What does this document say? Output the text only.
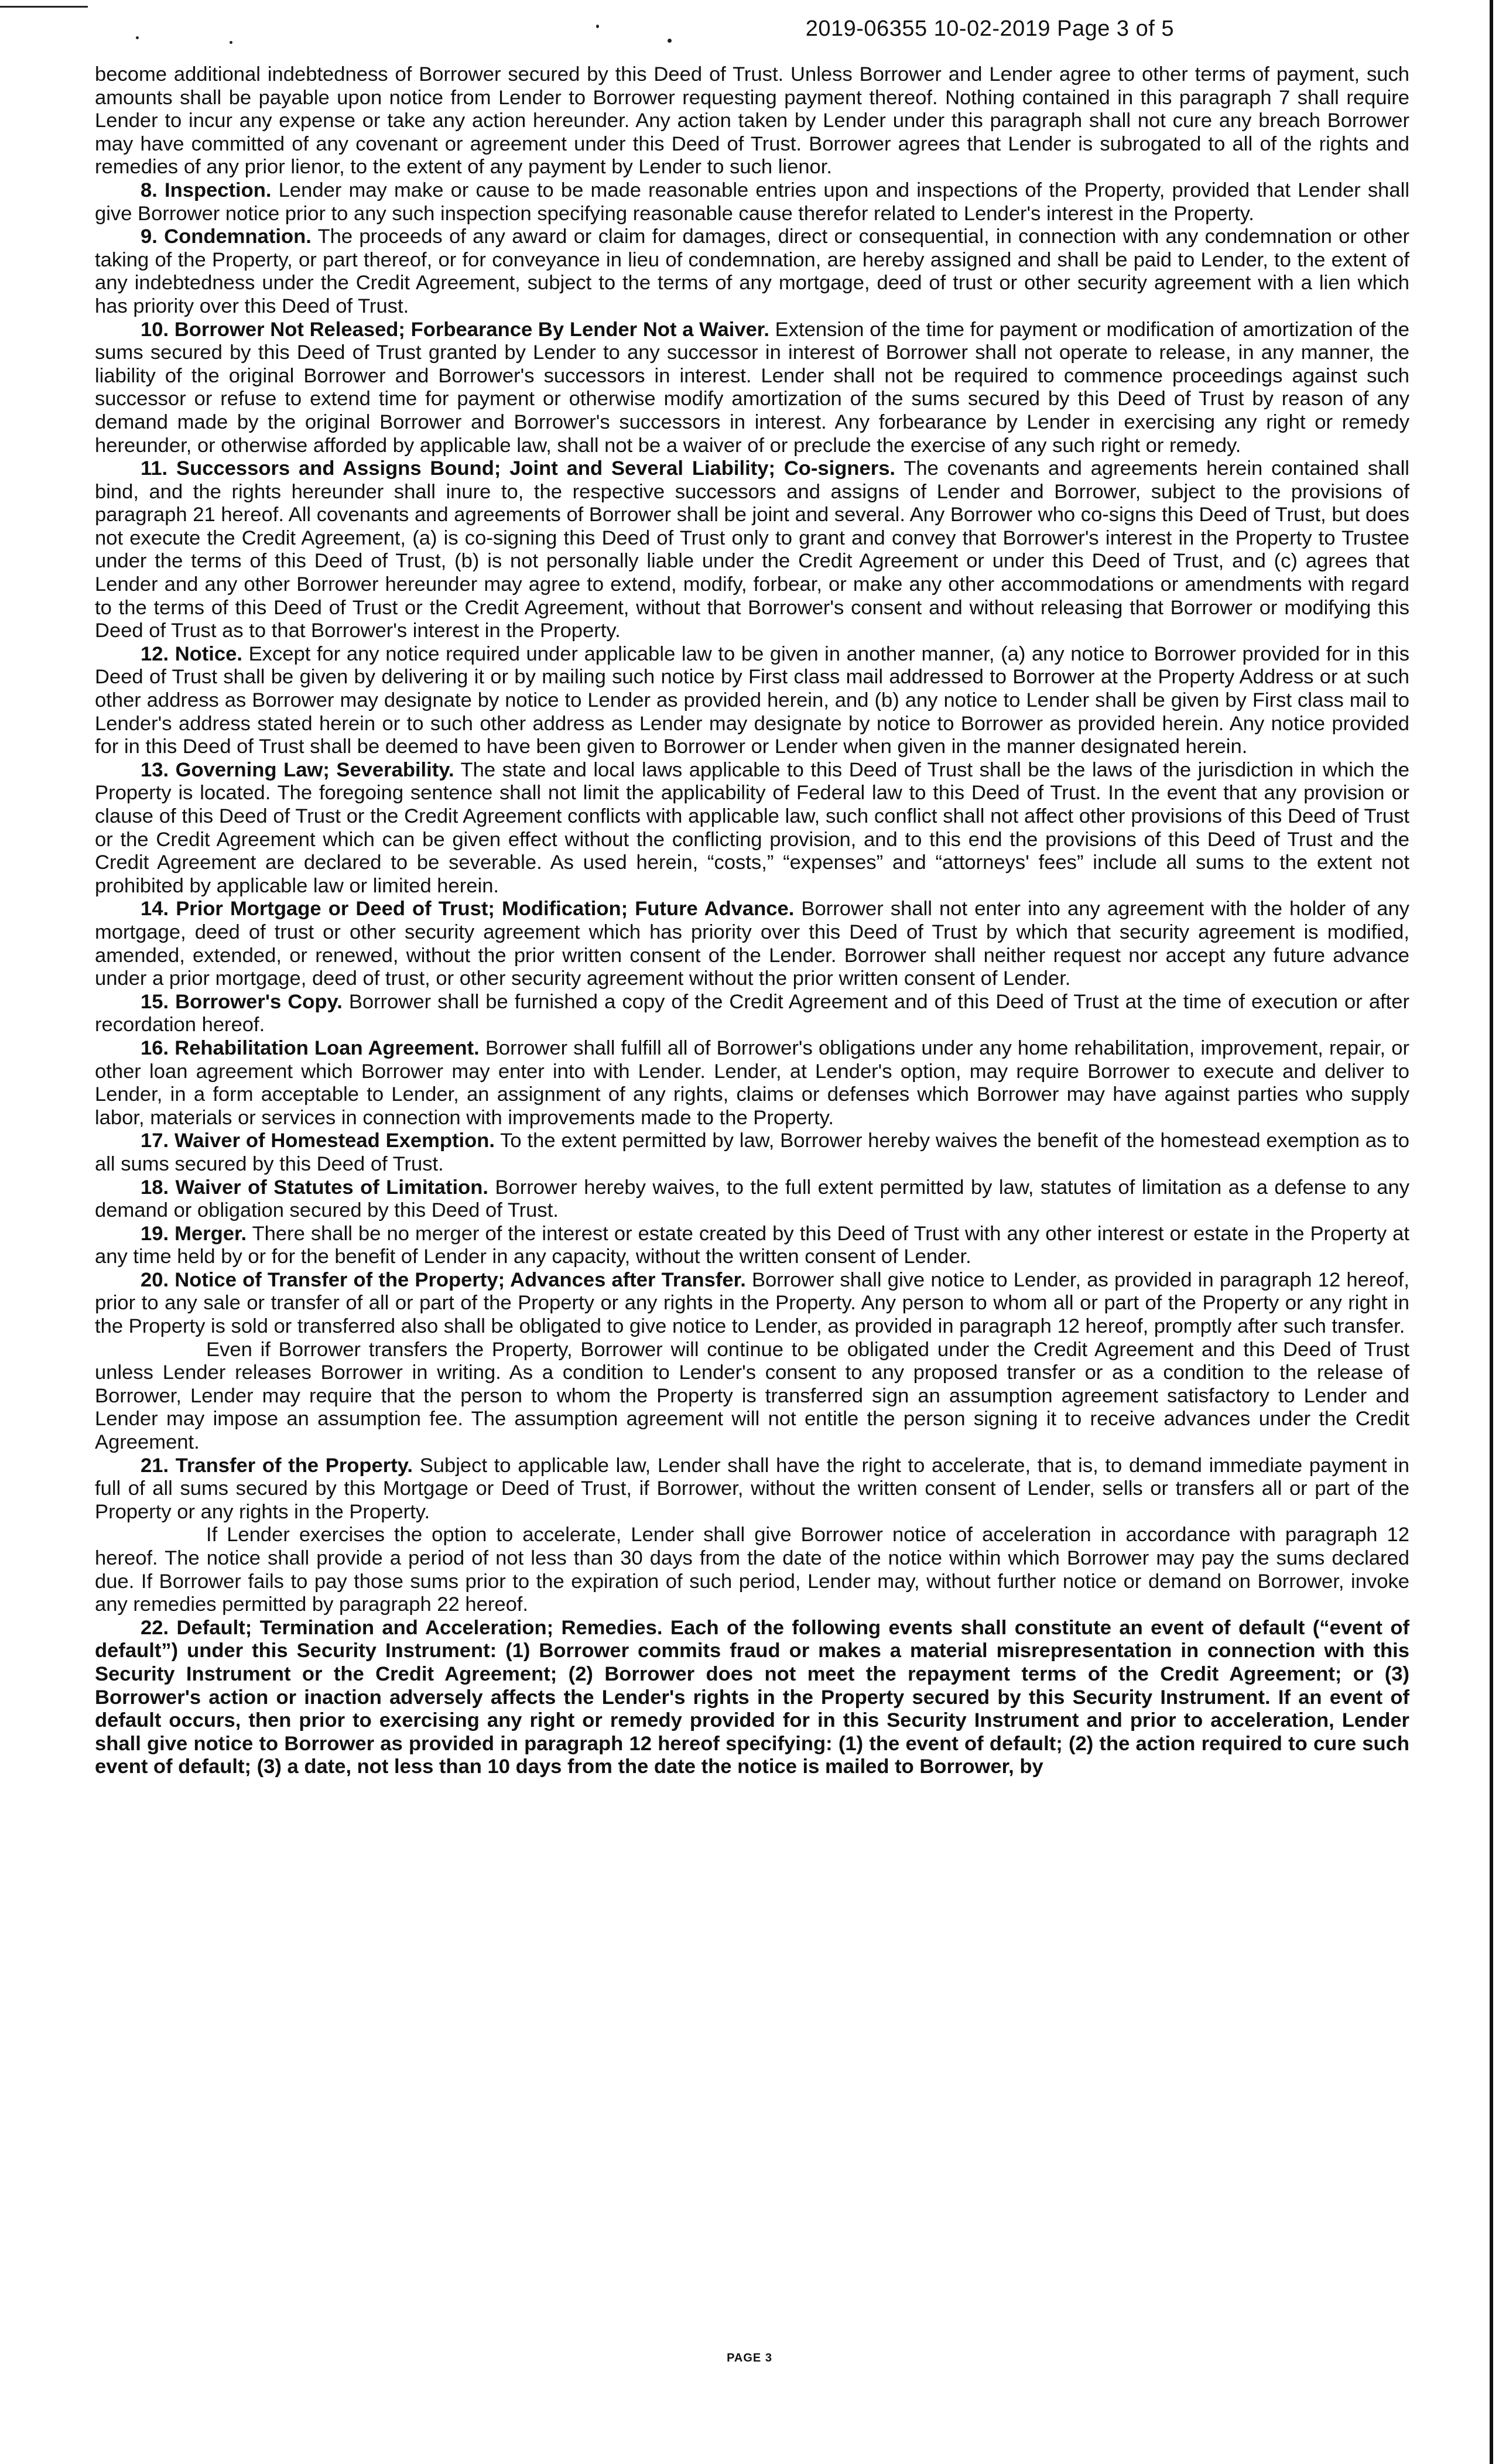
2019-06355 10-02-2019 Page 3 of 5

become additional indebtedness of Borrower secured by this Deed of Trust. Unless Borrower and Lender agree to other terms of payment, such amounts shall be payable upon notice from Lender to Borrower requesting payment thereof. Nothing contained in this paragraph 7 shall require Lender to incur any expense or take any action hereunder. Any action taken by Lender under this paragraph shall not cure any breach Borrower may have committed of any covenant or agreement under this Deed of Trust. Borrower agrees that Lender is subrogated to all of the rights and remedies of any prior lienor, to the extent of any payment by Lender to such lienor.

8. Inspection. Lender may make or cause to be made reasonable entries upon and inspections of the Property, provided that Lender shall give Borrower notice prior to any such inspection specifying reasonable cause therefor related to Lender's interest in the Property.

9. Condemnation. The proceeds of any award or claim for damages, direct or consequential, in connection with any condemnation or other taking of the Property, or part thereof, or for conveyance in lieu of condemnation, are hereby assigned and shall be paid to Lender, to the extent of any indebtedness under the Credit Agreement, subject to the terms of any mortgage, deed of trust or other security agreement with a lien which has priority over this Deed of Trust.

10. Borrower Not Released; Forbearance By Lender Not a Waiver. Extension of the time for payment or modification of amortization of the sums secured by this Deed of Trust granted by Lender to any successor in interest of Borrower shall not operate to release, in any manner, the liability of the original Borrower and Borrower's successors in interest. Lender shall not be required to commence proceedings against such successor or refuse to extend time for payment or otherwise modify amortization of the sums secured by this Deed of Trust by reason of any demand made by the original Borrower and Borrower's successors in interest. Any forbearance by Lender in exercising any right or remedy hereunder, or otherwise afforded by applicable law, shall not be a waiver of or preclude the exercise of any such right or remedy.

11. Successors and Assigns Bound; Joint and Several Liability; Co-signers. The covenants and agreements herein contained shall bind, and the rights hereunder shall inure to, the respective successors and assigns of Lender and Borrower, subject to the provisions of paragraph 21 hereof. All covenants and agreements of Borrower shall be joint and several. Any Borrower who co-signs this Deed of Trust, but does not execute the Credit Agreement, (a) is co-signing this Deed of Trust only to grant and convey that Borrower's interest in the Property to Trustee under the terms of this Deed of Trust, (b) is not personally liable under the Credit Agreement or under this Deed of Trust, and (c) agrees that Lender and any other Borrower hereunder may agree to extend, modify, forbear, or make any other accommodations or amendments with regard to the terms of this Deed of Trust or the Credit Agreement, without that Borrower's consent and without releasing that Borrower or modifying this Deed of Trust as to that Borrower's interest in the Property.

12. Notice. Except for any notice required under applicable law to be given in another manner, (a) any notice to Borrower provided for in this Deed of Trust shall be given by delivering it or by mailing such notice by First class mail addressed to Borrower at the Property Address or at such other address as Borrower may designate by notice to Lender as provided herein, and (b) any notice to Lender shall be given by First class mail to Lender's address stated herein or to such other address as Lender may designate by notice to Borrower as provided herein. Any notice provided for in this Deed of Trust shall be deemed to have been given to Borrower or Lender when given in the manner designated herein.

13. Governing Law; Severability. The state and local laws applicable to this Deed of Trust shall be the laws of the jurisdiction in which the Property is located. The foregoing sentence shall not limit the applicability of Federal law to this Deed of Trust. In the event that any provision or clause of this Deed of Trust or the Credit Agreement conflicts with applicable law, such conflict shall not affect other provisions of this Deed of Trust or the Credit Agreement which can be given effect without the conflicting provision, and to this end the provisions of this Deed of Trust and the Credit Agreement are declared to be severable. As used herein, “costs,” “expenses” and “attorneys' fees” include all sums to the extent not prohibited by applicable law or limited herein.

14. Prior Mortgage or Deed of Trust; Modification; Future Advance. Borrower shall not enter into any agreement with the holder of any mortgage, deed of trust or other security agreement which has priority over this Deed of Trust by which that security agreement is modified, amended, extended, or renewed, without the prior written consent of the Lender. Borrower shall neither request nor accept any future advance under a prior mortgage, deed of trust, or other security agreement without the prior written consent of Lender.

15. Borrower's Copy. Borrower shall be furnished a copy of the Credit Agreement and of this Deed of Trust at the time of execution or after recordation hereof.

16. Rehabilitation Loan Agreement. Borrower shall fulfill all of Borrower's obligations under any home rehabilitation, improvement, repair, or other loan agreement which Borrower may enter into with Lender. Lender, at Lender's option, may require Borrower to execute and deliver to Lender, in a form acceptable to Lender, an assignment of any rights, claims or defenses which Borrower may have against parties who supply labor, materials or services in connection with improvements made to the Property.

17. Waiver of Homestead Exemption. To the extent permitted by law, Borrower hereby waives the benefit of the homestead exemption as to all sums secured by this Deed of Trust.

18. Waiver of Statutes of Limitation. Borrower hereby waives, to the full extent permitted by law, statutes of limitation as a defense to any demand or obligation secured by this Deed of Trust.

19. Merger. There shall be no merger of the interest or estate created by this Deed of Trust with any other interest or estate in the Property at any time held by or for the benefit of Lender in any capacity, without the written consent of Lender.

20. Notice of Transfer of the Property; Advances after Transfer. Borrower shall give notice to Lender, as provided in paragraph 12 hereof, prior to any sale or transfer of all or part of the Property or any rights in the Property. Any person to whom all or part of the Property or any right in the Property is sold or transferred also shall be obligated to give notice to Lender, as provided in paragraph 12 hereof, promptly after such transfer.

Even if Borrower transfers the Property, Borrower will continue to be obligated under the Credit Agreement and this Deed of Trust unless Lender releases Borrower in writing. As a condition to Lender's consent to any proposed transfer or as a condition to the release of Borrower, Lender may require that the person to whom the Property is transferred sign an assumption agreement satisfactory to Lender and Lender may impose an assumption fee. The assumption agreement will not entitle the person signing it to receive advances under the Credit Agreement.

21. Transfer of the Property. Subject to applicable law, Lender shall have the right to accelerate, that is, to demand immediate payment in full of all sums secured by this Mortgage or Deed of Trust, if Borrower, without the written consent of Lender, sells or transfers all or part of the Property or any rights in the Property.

If Lender exercises the option to accelerate, Lender shall give Borrower notice of acceleration in accordance with paragraph 12 hereof. The notice shall provide a period of not less than 30 days from the date of the notice within which Borrower may pay the sums declared due. If Borrower fails to pay those sums prior to the expiration of such period, Lender may, without further notice or demand on Borrower, invoke any remedies permitted by paragraph 22 hereof.

22. Default; Termination and Acceleration; Remedies. Each of the following events shall constitute an event of default (“event of default”) under this Security Instrument: (1) Borrower commits fraud or makes a material misrepresentation in connection with this Security Instrument or the Credit Agreement; (2) Borrower does not meet the repayment terms of the Credit Agreement; or (3) Borrower's action or inaction adversely affects the Lender's rights in the Property secured by this Security Instrument. If an event of default occurs, then prior to exercising any right or remedy provided for in this Security Instrument and prior to acceleration, Lender shall give notice to Borrower as provided in paragraph 12 hereof specifying: (1) the event of default; (2) the action required to cure such event of default; (3) a date, not less than 10 days from the date the notice is mailed to Borrower, by

PAGE 3
